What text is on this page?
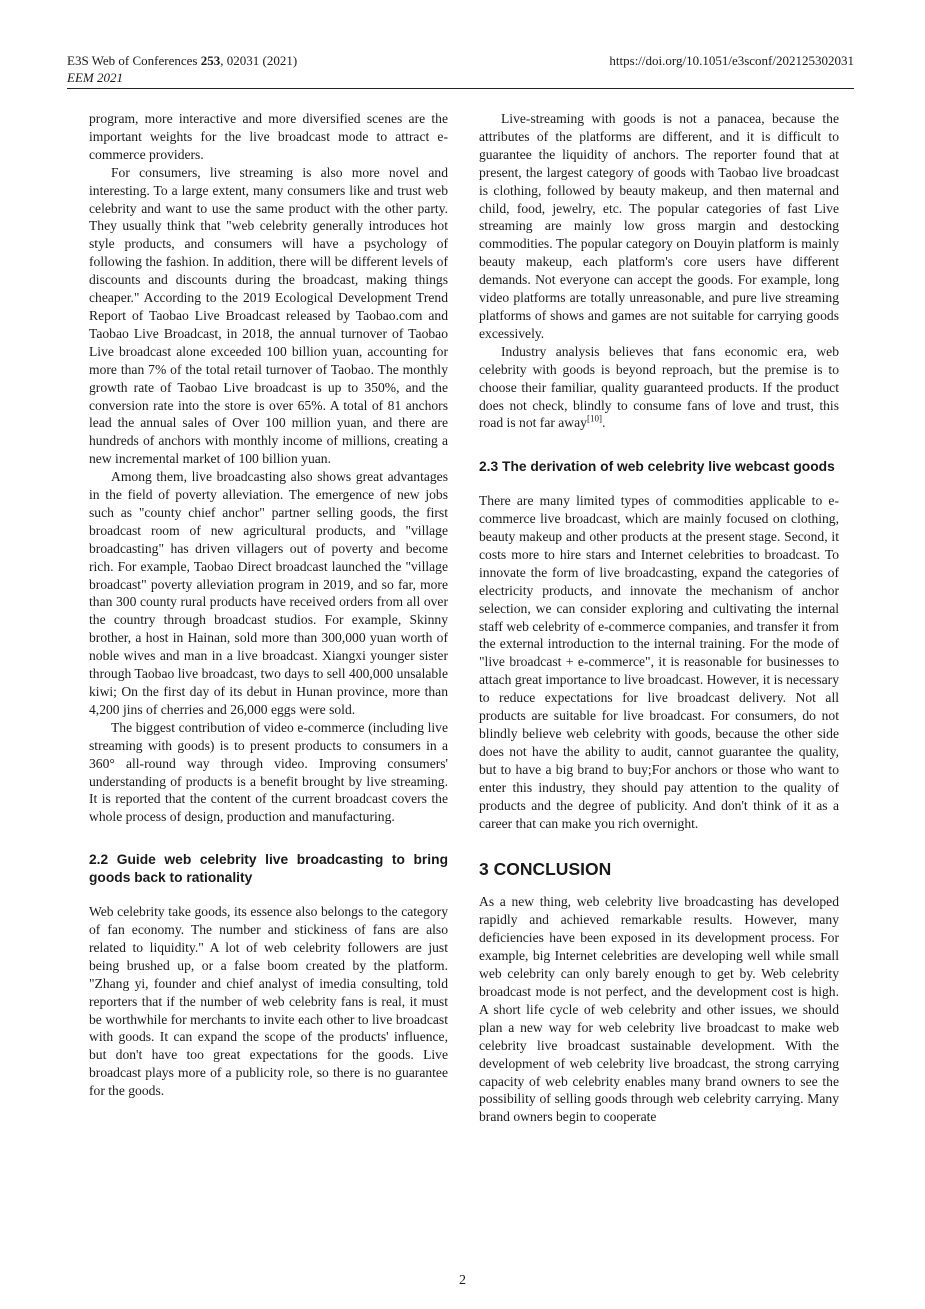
E3S Web of Conferences 253, 02031 (2021)
EEM 2021
https://doi.org/10.1051/e3sconf/202125302031

program, more interactive and more diversified scenes are the important weights for the live broadcast mode to attract e-commerce providers.

For consumers, live streaming is also more novel and interesting. To a large extent, many consumers like and trust web celebrity and want to use the same product with the other party. They usually think that "web celebrity generally introduces hot style products, and consumers will have a psychology of following the fashion. In addition, there will be different levels of discounts and discounts during the broadcast, making things cheaper." According to the 2019 Ecological Development Trend Report of Taobao Live Broadcast released by Taobao.com and Taobao Live Broadcast, in 2018, the annual turnover of Taobao Live broadcast alone exceeded 100 billion yuan, accounting for more than 7% of the total retail turnover of Taobao. The monthly growth rate of Taobao Live broadcast is up to 350%, and the conversion rate into the store is over 65%. A total of 81 anchors lead the annual sales of Over 100 million yuan, and there are hundreds of anchors with monthly income of millions, creating a new incremental market of 100 billion yuan.

Among them, live broadcasting also shows great advantages in the field of poverty alleviation. The emergence of new jobs such as "county chief anchor" partner selling goods, the first broadcast room of new agricultural products, and "village broadcasting" has driven villagers out of poverty and become rich. For example, Taobao Direct broadcast launched the "village broadcast" poverty alleviation program in 2019, and so far, more than 300 county rural products have received orders from all over the country through broadcast studios. For example, Skinny brother, a host in Hainan, sold more than 300,000 yuan worth of noble wives and man in a live broadcast. Xiangxi younger sister through Taobao live broadcast, two days to sell 400,000 unsalable kiwi; On the first day of its debut in Hunan province, more than 4,200 jins of cherries and 26,000 eggs were sold.

The biggest contribution of video e-commerce (including live streaming with goods) is to present products to consumers in a 360° all-round way through video. Improving consumers' understanding of products is a benefit brought by live streaming. It is reported that the content of the current broadcast covers the whole process of design, production and manufacturing.

2.2 Guide web celebrity live broadcasting to bring goods back to rationality

Web celebrity take goods, its essence also belongs to the category of fan economy. The number and stickiness of fans are also related to liquidity." A lot of web celebrity followers are just being brushed up, or a false boom created by the platform. "Zhang yi, founder and chief analyst of imedia consulting, told reporters that if the number of web celebrity fans is real, it must be worthwhile for merchants to invite each other to live broadcast with goods. It can expand the scope of the products' influence, but don't have too great expectations for the goods. Live broadcast plays more of a publicity role, so there is no guarantee for the goods.

Live-streaming with goods is not a panacea, because the attributes of the platforms are different, and it is difficult to guarantee the liquidity of anchors. The reporter found that at present, the largest category of goods with Taobao live broadcast is clothing, followed by beauty makeup, and then maternal and child, food, jewelry, etc. The popular categories of fast Live streaming are mainly low gross margin and destocking commodities. The popular category on Douyin platform is mainly beauty makeup, each platform's core users have different demands. Not everyone can accept the goods. For example, long video platforms are totally unreasonable, and pure live streaming platforms of shows and games are not suitable for carrying goods excessively.

Industry analysis believes that fans economic era, web celebrity with goods is beyond reproach, but the premise is to choose their familiar, quality guaranteed products. If the product does not check, blindly to consume fans of love and trust, this road is not far away[10].

2.3 The derivation of web celebrity live webcast goods

There are many limited types of commodities applicable to e-commerce live broadcast, which are mainly focused on clothing, beauty makeup and other products at the present stage. Second, it costs more to hire stars and Internet celebrities to broadcast. To innovate the form of live broadcasting, expand the categories of electricity products, and innovate the mechanism of anchor selection, we can consider exploring and cultivating the internal staff web celebrity of e-commerce companies, and transfer it from the external introduction to the internal training. For the mode of "live broadcast + e-commerce", it is reasonable for businesses to attach great importance to live broadcast. However, it is necessary to reduce expectations for live broadcast delivery. Not all products are suitable for live broadcast. For consumers, do not blindly believe web celebrity with goods, because the other side does not have the ability to audit, cannot guarantee the quality, but to have a big brand to buy;For anchors or those who want to enter this industry, they should pay attention to the quality of products and the degree of publicity. And don't think of it as a career that can make you rich overnight.

3 CONCLUSION

As a new thing, web celebrity live broadcasting has developed rapidly and achieved remarkable results. However, many deficiencies have been exposed in its development process. For example, big Internet celebrities are developing well while small web celebrity can only barely enough to get by. Web celebrity broadcast mode is not perfect, and the development cost is high. A short life cycle of web celebrity and other issues, we should plan a new way for web celebrity live broadcast to make web celebrity live broadcast sustainable development. With the development of web celebrity live broadcast, the strong carrying capacity of web celebrity enables many brand owners to see the possibility of selling goods through web celebrity carrying. Many brand owners begin to cooperate

2
